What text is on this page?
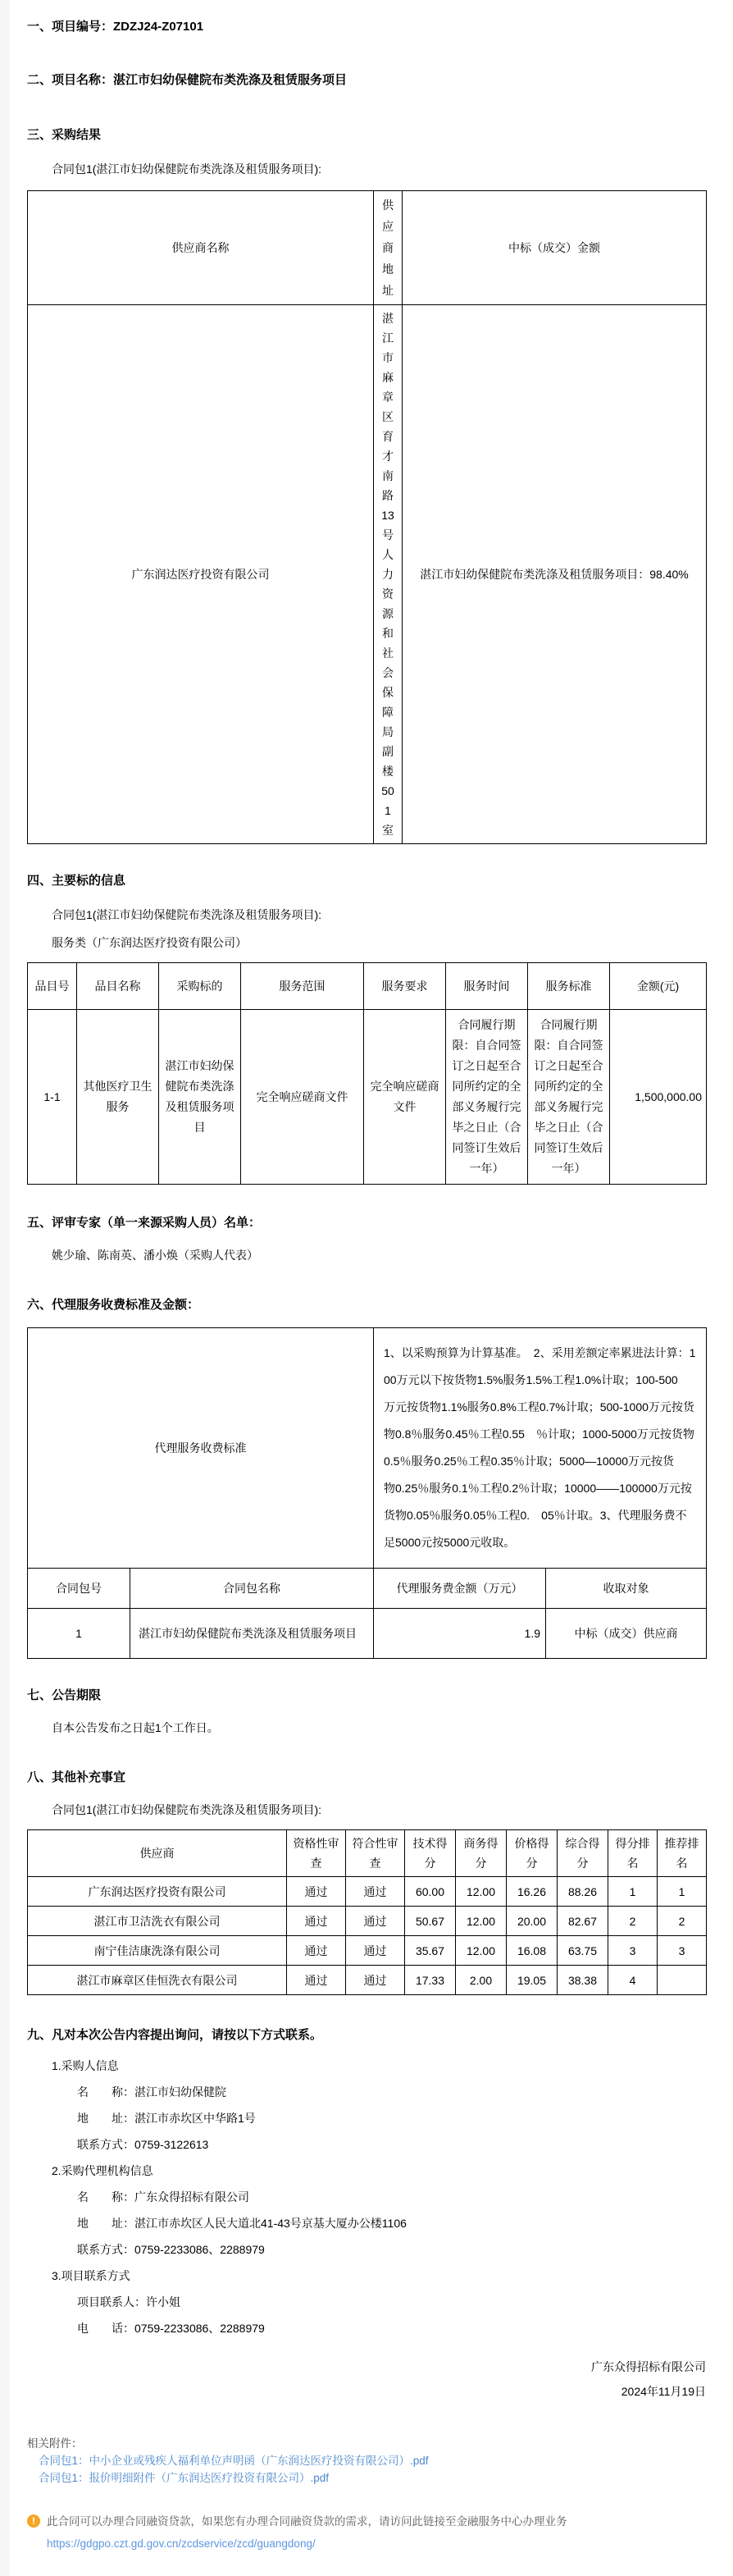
一、项目编号：ZDZJ24-Z07101
二、项目名称：湛江市妇幼保健院布类洗涤及租赁服务项目
三、采购结果

合同包1(湛江市妇幼保健院布类洗涤及租赁服务项目):

供应商名称	供应商地址	中标（成交）金额
广东润达医疗投资有限公司	湛江市麻章区育才南路13号人力资源和社会保障局副楼501室	湛江市妇幼保健院布类洗涤及租赁服务项目：98.40%
四、主要标的信息

合同包1(湛江市妇幼保健院布类洗涤及租赁服务项目):

服务类（广东润达医疗投资有限公司）

品目号	品目名称	采购标的	服务范围	服务要求	服务时间	服务标准	金额(元)
1-1	其他医疗卫生服务	湛江市妇幼保健院布类洗涤及租赁服务项目	完全响应磋商文件	完全响应磋商文件	合同履行期限：自合同签订之日起至合同所约定的全部义务履行完毕之日止（合同签订生效后一年）	合同履行期限：自合同签订之日起至合同所约定的全部义务履行完毕之日止（合同签订生效后一年）	1,500,000.00
五、评审专家（单一来源采购人员）名单：

姚少瑜、陈南英、潘小焕（采购人代表）

六、代理服务收费标准及金额：
代理服务收费标准		1、以采购预算为计算基准。　2、采用差额定率累进法计算：100万元以下按货物1.5%服务1.5%工程1.0%计取；100-500　万元按货物1.1%服务0.8%工程0.7%计取；500-1000万元按货物0.8％服务0.45％工程0.55　％计取；1000-5000万元按货物0.5％服务0.25％工程0.35％计取；5000—10000万元按货　物0.25％服务0.1％工程0.2％计取；10000——100000万元按货物0.05％服务0.05％工程0.　05％计取。3、代理服务费不足5000元按5000元收取。	
合同包号	合同包名称	代理服务费金额（万元）	收取对象
1	湛江市妇幼保健院布类洗涤及租赁服务项目	1.9	中标（成交）供应商
七、公告期限

自本公告发布之日起1个工作日。

八、其他补充事宜

合同包1(湛江市妇幼保健院布类洗涤及租赁服务项目):

供应商	资格性审查	符合性审查	技术得分	商务得分	价格得分	综合得分	得分排名	推荐排名
广东润达医疗投资有限公司	通过	通过	60.00	12.00	16.26	88.26	1	1
湛江市卫洁洗衣有限公司	通过	通过	50.67	12.00	20.00	82.67	2	2
南宁佳洁康洗涤有限公司	通过	通过	35.67	12.00	16.08	63.75	3	3
湛江市麻章区佳恒洗衣有限公司	通过	通过	17.33	2.00	19.05	38.38	4	
九、凡对本次公告内容提出询问，请按以下方式联系。
1.采购人信息
名　　称：湛江市妇幼保健院
地　　址：湛江市赤坎区中华路1号
联系方式：0759-3122613
2.采购代理机构信息
名　　称：广东众得招标有限公司
地　　址：湛江市赤坎区人民大道北41-43号京基大厦办公楼1106
联系方式：0759-2233086、2288979
3.项目联系方式
项目联系人：许小姐
电　　话：0759-2233086、2288979
广东众得招标有限公司
2024年11月19日
相关附件：
合同包1：中小企业或残疾人福利单位声明函（广东润达医疗投资有限公司）.pdf
合同包1：报价明细附件（广东润达医疗投资有限公司）.pdf
!	此合同可以办理合同融资贷款，如果您有办理合同融资贷款的需求，请访问此链接至金融服务中心办理业务
https://gdgpo.czt.gd.gov.cn/zcdservice/zcd/guangdong/
